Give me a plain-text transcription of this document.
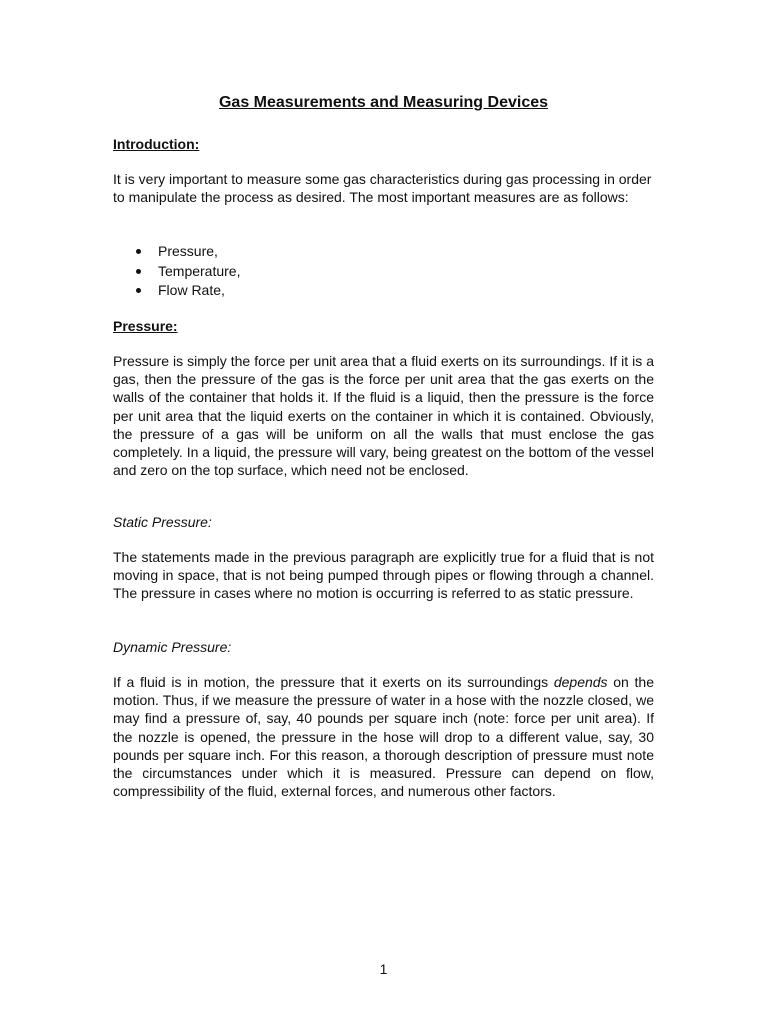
Gas Measurements and Measuring Devices

Introduction:

It is very important to measure some gas characteristics during gas processing in order to manipulate the process as desired. The most important measures are as follows:

Pressure,
Temperature,
Flow Rate,

Pressure:

Pressure is simply the force per unit area that a fluid exerts on its surroundings. If it is a gas, then the pressure of the gas is the force per unit area that the gas exerts on the walls of the container that holds it. If the fluid is a liquid, then the pressure is the force per unit area that the liquid exerts on the container in which it is contained. Obviously, the pressure of a gas will be uniform on all the walls that must enclose the gas completely. In a liquid, the pressure will vary, being greatest on the bottom of the vessel and zero on the top surface, which need not be enclosed.

Static Pressure:

The statements made in the previous paragraph are explicitly true for a fluid that is not moving in space, that is not being pumped through pipes or flowing through a channel. The pressure in cases where no motion is occurring is referred to as static pressure.

Dynamic Pressure:

If a fluid is in motion, the pressure that it exerts on its surroundings depends on the motion. Thus, if we measure the pressure of water in a hose with the nozzle closed, we may find a pressure of, say, 40 pounds per square inch (note: force per unit area). If the nozzle is opened, the pressure in the hose will drop to a different value, say, 30 pounds per square inch. For this reason, a thorough description of pressure must note the circumstances under which it is measured. Pressure can depend on flow, compressibility of the fluid, external forces, and numerous other factors.

1
